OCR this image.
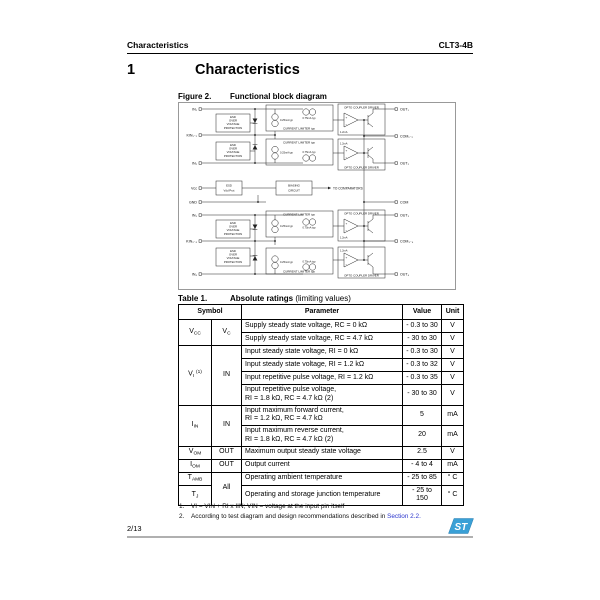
Characteristics	CLT3-4B
1	Characteristics
Figure 2.	Functional block diagram
ESD
OVER
VOLTAGE
PROTECTION
ESD
OVER
VOLTAGE
PROTECTION
ESD
OVER
VOLTAGE
PROTECTION
ESD
OVER
VOLTAGE
PROTECTION
CURRENT LIMITER typ
0.75mA typ
0.25mA typ
CURRENT LIMITER typ
0.75mA typ
0.25mA typ
CURRENT LIMITER typ
0.75mA typ
0.25mA typ
CURRENT LIMITER typ
0.75mA typ
0.25mA typ
OPTO COUPLER DRIVER
OPTO COUPLER DRIVER
OPTO COUPLER DRIVER
OPTO COUPLER DRIVER
1.2mA
1.2mA
1.2mA
1.2mA
+
−
+
−
+
−
+
−
ESD
Vdd Prot
BIASING
CIRCUIT
TO COMPARATORS
IN₁
KIN₁₋₂
IN₂
Vcc
GND
IN₃
KIN₃₋₄
IN₄
OUT₁
COM₁₋₂
OUT₂
COM
OUT₃
COM₃₋₄
OUT₄
Table 1.	Absolute ratings (limiting values)
Symbol		Parameter	Value	Unit
$V_{CC}$	$V_C$	Supply steady state voltage, RC = 0 kΩ	- 0.3 to 30	V
		Supply steady state voltage, RC = 4.7 kΩ	- 30 to 30	V
$V_I$ $^{(1)}$	IN	Input steady state voltage, RI = 0 kΩ	- 0.3 to 30	V
		Input steady state voltage, RI = 1.2 kΩ	- 0.3 to 32	V
		Input repetitive pulse voltage, RI = 1.2 kΩ	- 0.3 to 35	V
		Input repetitive pulse voltage,
RI = 1.8 kΩ, RC = 4.7 kΩ (2)	- 30 to 30	V
$I_{IN}$	IN	Input maximum forward current,
RI = 1.2 kΩ, RC = 4.7 kΩ	5	mA
		Input maximum reverse current,
RI = 1.8 kΩ, RC = 4.7 kΩ (2)	20	mA
$V_{OM}$	OUT	Maximum output steady state voltage	2.5	V
$I_{OM}$	OUT	Output current	- 4 to 4	mA
$T_{AMB}$	All	Operating ambient temperature	- 25 to 85	° C
$T_J$		Operating and storage junction temperature	- 25 to 150	° C
1.	VI = VIN + RI x IIN; VIN = voltage at the input pin itself
2.	According to test diagram and design recommendations described in Section 2.2.
2/13	ST
